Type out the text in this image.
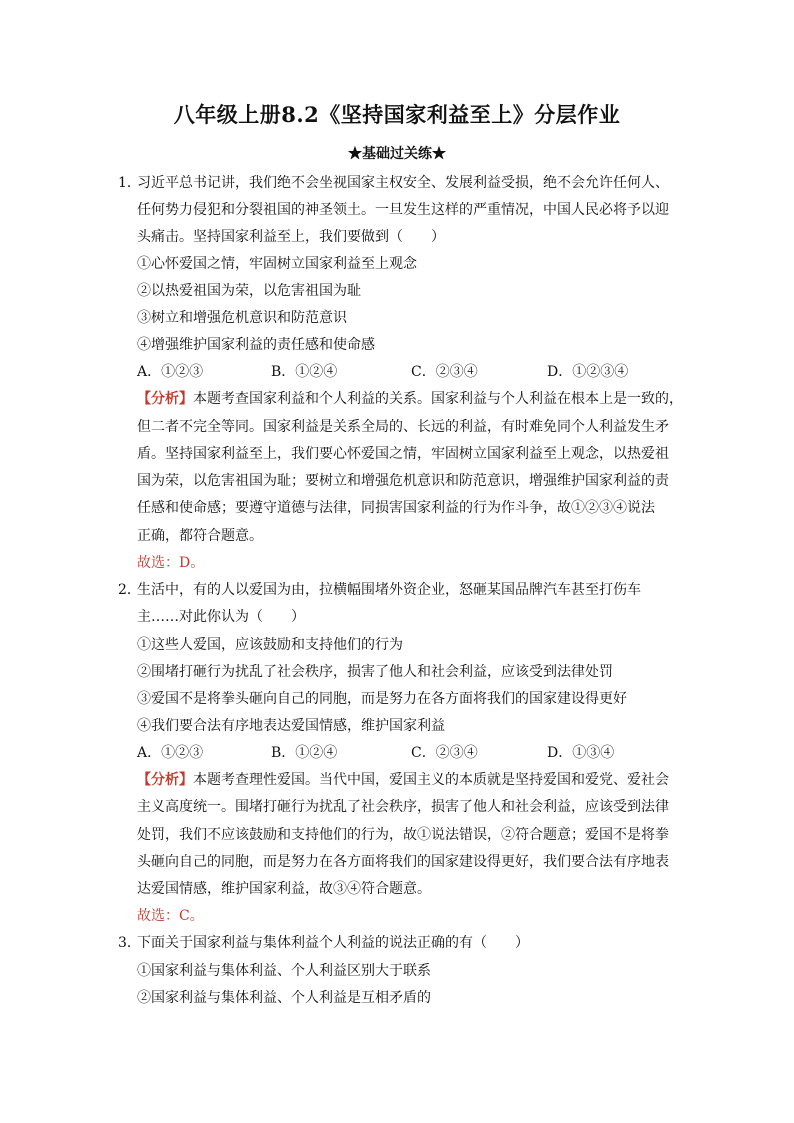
八年级上册8.2《坚持国家利益至上》分层作业
★基础过关练★
1．
习近平总书记讲，我们绝不会坐视国家主权安全、发展利益受损，绝不会允许任何人、
任何势力侵犯和分裂祖国的神圣领土。一旦发生这样的严重情况，中国人民必将予以迎
头痛击。坚持国家利益至上，我们要做到（　　）
①心怀爱国之情，牢固树立国家利益至上观念
②以热爱祖国为荣，以危害祖国为耻
③树立和增强危机意识和防范意识
④增强维护国家利益的责任感和使命感
A．①②③	B．①②④	C．②③④	D．①②③④
【分析】本题考查国家利益和个人利益的关系。国家利益与个人利益在根本上是一致的，
但二者不完全等同。国家利益是关系全局的、长远的利益，有时难免同个人利益发生矛
盾。坚持国家利益至上，我们要心怀爱国之情，牢固树立国家利益至上观念，以热爱祖
国为荣，以危害祖国为耻；要树立和增强危机意识和防范意识，增强维护国家利益的责
任感和使命感；要遵守道德与法律，同损害国家利益的行为作斗争，故①②③④说法
正确，都符合题意。
故选：D。
2．
生活中，有的人以爱国为由，拉横幅围堵外资企业，怒砸某国品牌汽车甚至打伤车
主……对此你认为（　　）
①这些人爱国，应该鼓励和支持他们的行为
②围堵打砸行为扰乱了社会秩序，损害了他人和社会利益，应该受到法律处罚
③爱国不是将拳头砸向自己的同胞，而是努力在各方面将我们的国家建设得更好
④我们要合法有序地表达爱国情感，维护国家利益
A．①②③	B．①②④	C．②③④	D．①③④
【分析】本题考查理性爱国。当代中国，爱国主义的本质就是坚持爱国和爱党、爱社会
主义高度统一。围堵打砸行为扰乱了社会秩序，损害了他人和社会利益，应该受到法律
处罚，我们不应该鼓励和支持他们的行为，故①说法错误，②符合题意；爱国不是将拳
头砸向自己的同胞，而是努力在各方面将我们的国家建设得更好，我们要合法有序地表
达爱国情感，维护国家利益，故③④符合题意。
故选：C。
3．
下面关于国家利益与集体利益个人利益的说法正确的有（　　）
①国家利益与集体利益、个人利益区别大于联系
②国家利益与集体利益、个人利益是互相矛盾的
